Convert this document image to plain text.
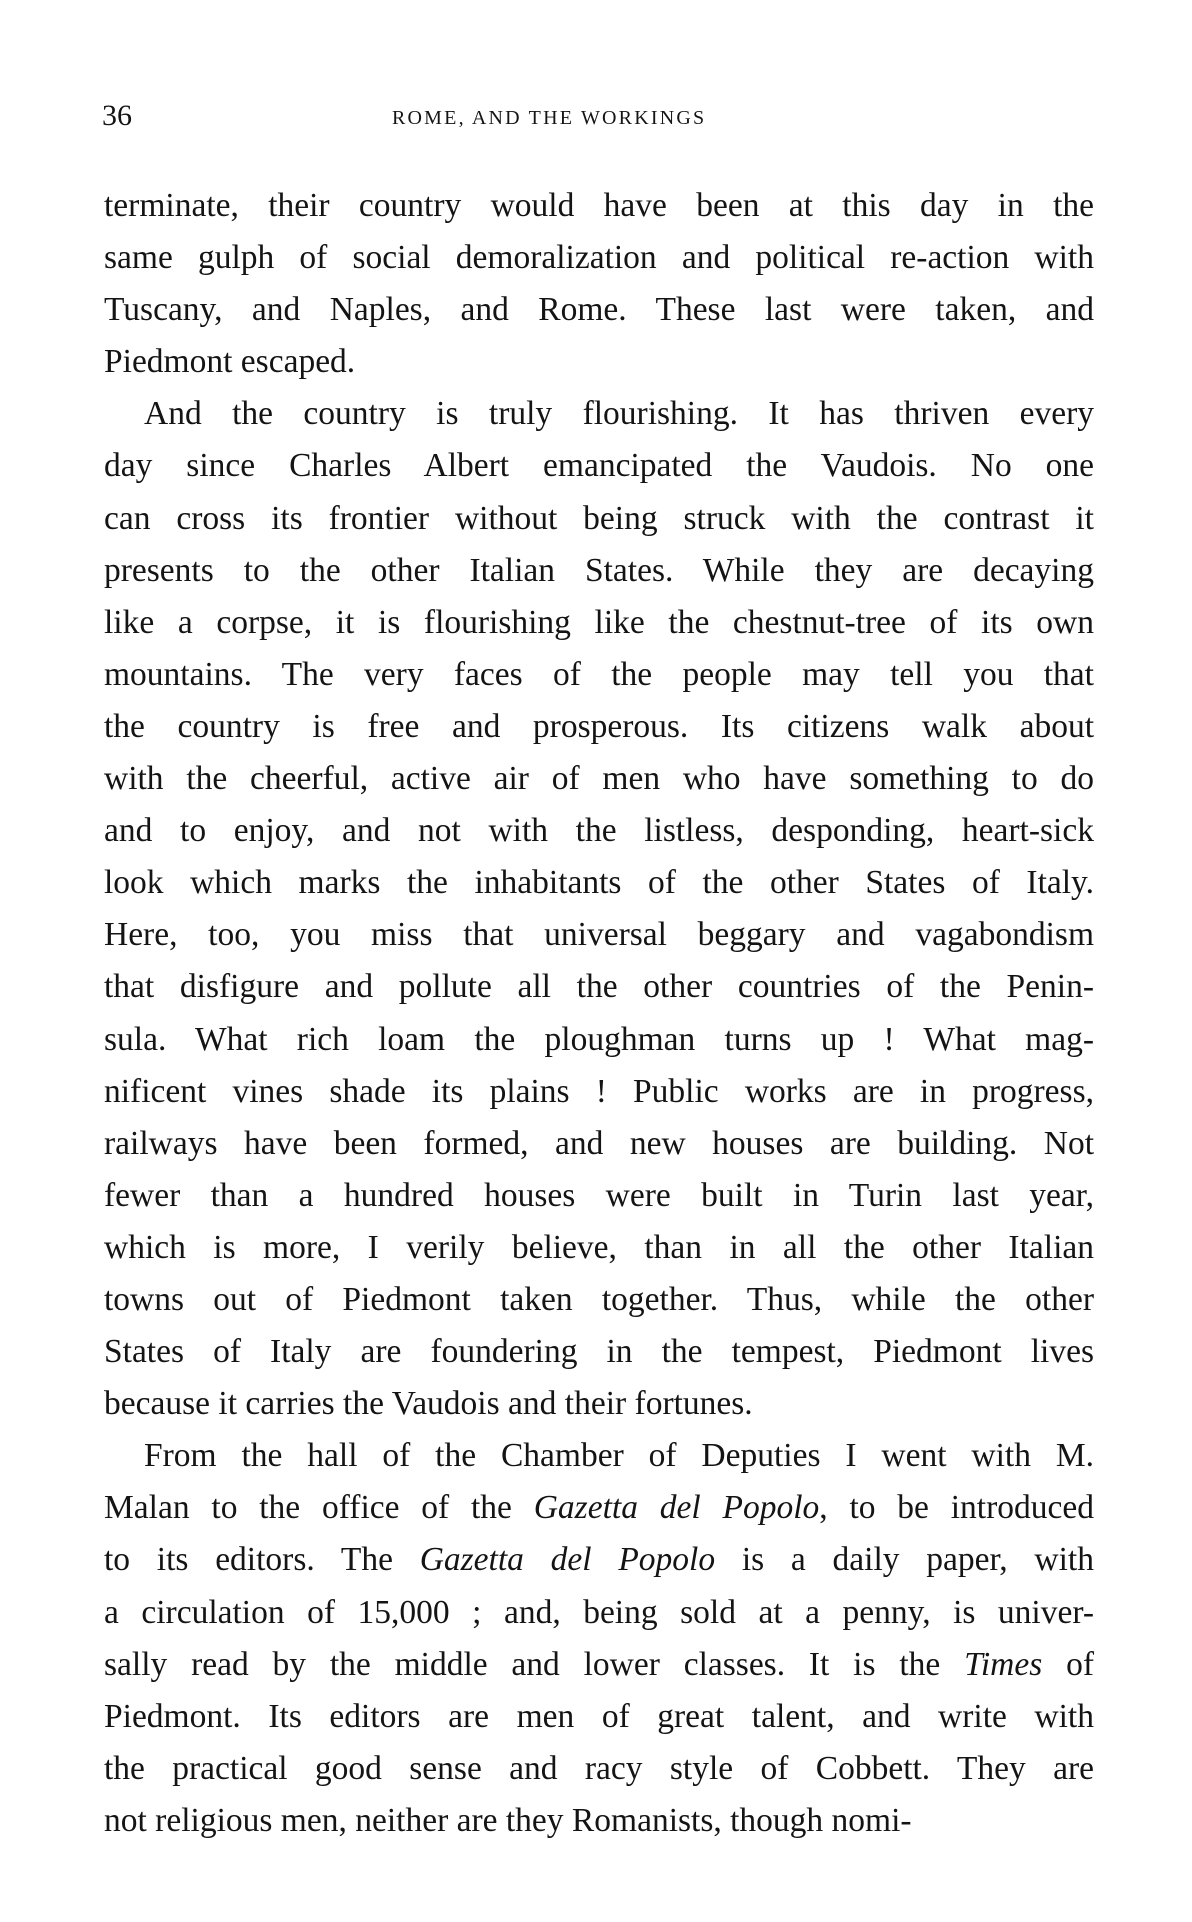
36	ROME, AND THE WORKINGS
terminate, their country would have been at this day in the
same gulph of social demoralization and political re-action with
Tuscany, and Naples, and Rome. These last were taken, and
Piedmont escaped.
And the country is truly flourishing. It has thriven every
day since Charles Albert emancipated the Vaudois. No one
can cross its frontier without being struck with the contrast it
presents to the other Italian States. While they are decaying
like a corpse, it is flourishing like the chestnut-tree of its own
mountains. The very faces of the people may tell you that
the country is free and prosperous. Its citizens walk about
with the cheerful, active air of men who have something to do
and to enjoy, and not with the listless, desponding, heart-sick
look which marks the inhabitants of the other States of Italy.
Here, too, you miss that universal beggary and vagabondism
that disfigure and pollute all the other countries of the Penin-
sula. What rich loam the ploughman turns up ! What mag-
nificent vines shade its plains ! Public works are in progress,
railways have been formed, and new houses are building. Not
fewer than a hundred houses were built in Turin last year,
which is more, I verily believe, than in all the other Italian
towns out of Piedmont taken together. Thus, while the other
States of Italy are foundering in the tempest, Piedmont lives
because it carries the Vaudois and their fortunes.
From the hall of the Chamber of Deputies I went with M.
Malan to the office of the Gazetta del Popolo, to be introduced
to its editors. The Gazetta del Popolo is a daily paper, with
a circulation of 15,000 ; and, being sold at a penny, is univer-
sally read by the middle and lower classes. It is the Times of
Piedmont. Its editors are men of great talent, and write with
the practical good sense and racy style of Cobbett. They are
not religious men, neither are they Romanists, though nomi-
